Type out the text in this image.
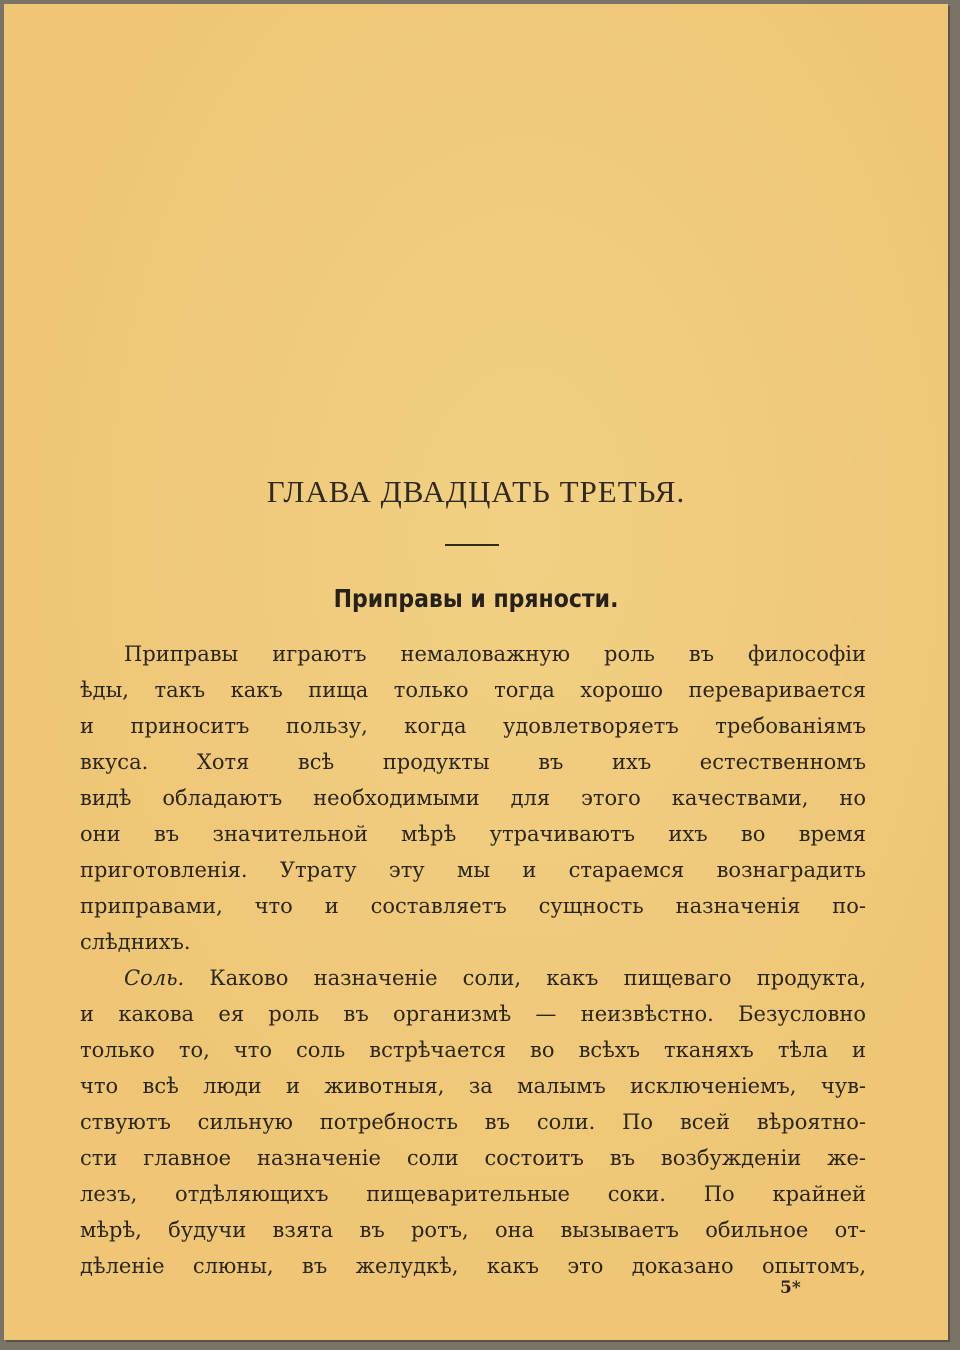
ГЛАВА ДВАДЦАТЬ ТРЕТЬЯ.
Приправы и пряности.
Приправы играютъ немаловажную роль въ философіи
ѣды, такъ какъ пища только тогда хорошо переваривается
и приноситъ пользу, когда удовлетворяетъ требованіямъ
вкуса. Хотя всѣ продукты въ ихъ естественномъ
видѣ обладаютъ необходимыми для этого качествами, но
они въ значительной мѣрѣ утрачиваютъ ихъ во время
приготовленія. Утрату эту мы и стараемся вознаградить
приправами, что и составляетъ сущность назначенія по-
слѣднихъ.
Соль. Каково назначеніе соли, какъ пищеваго продукта,
и какова ея роль въ организмѣ — неизвѣстно. Безусловно
только то, что соль встрѣчается во всѣхъ тканяхъ тѣла и
что всѣ люди и животныя, за малымъ исключеніемъ, чув-
ствуютъ сильную потребность въ соли. По всей вѣроятно-
сти главное назначеніе соли состоитъ въ возбужденіи же-
лезъ, отдѣляющихъ пищеварительные соки. По крайней
мѣрѣ, будучи взята въ ротъ, она вызываетъ обильное от-
дѣленіе слюны, въ желудкѣ, какъ это доказано опытомъ,
5*
